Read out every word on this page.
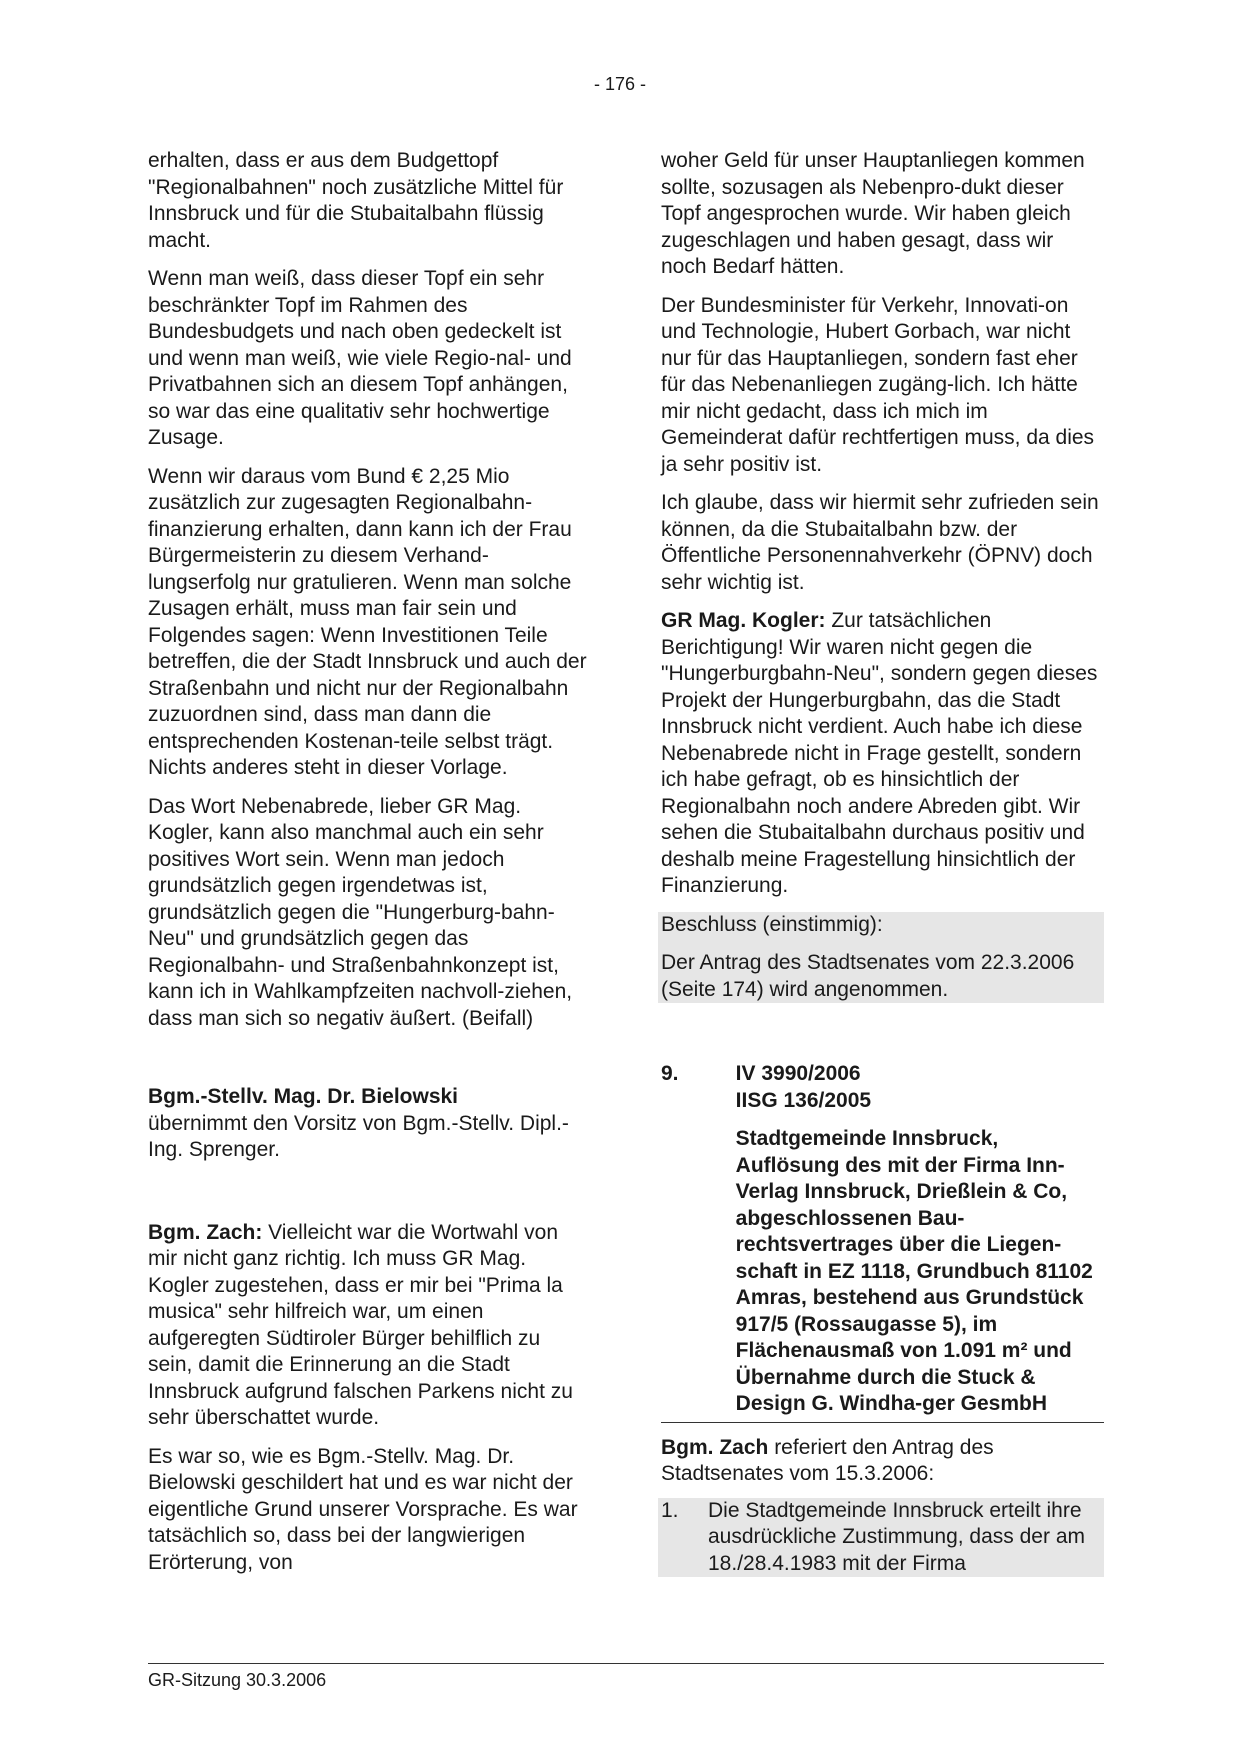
- 176 -

erhalten, dass er aus dem Budgettopf "Regionalbahnen" noch zusätzliche Mittel für Innsbruck und für die Stubaitalbahn flüssig macht.

Wenn man weiß, dass dieser Topf ein sehr beschränkter Topf im Rahmen des Bundesbudgets und nach oben gedeckelt ist und wenn man weiß, wie viele Regio-nal- und Privatbahnen sich an diesem Topf anhängen, so war das eine qualitativ sehr hochwertige Zusage.

Wenn wir daraus vom Bund € 2,25 Mio zusätzlich zur zugesagten Regionalbahn-finanzierung erhalten, dann kann ich der Frau Bürgermeisterin zu diesem Verhand-lungserfolg nur gratulieren. Wenn man solche Zusagen erhält, muss man fair sein und Folgendes sagen: Wenn Investitionen Teile betreffen, die der Stadt Innsbruck und auch der Straßenbahn und nicht nur der Regionalbahn zuzuordnen sind, dass man dann die entsprechenden Kostenan-teile selbst trägt. Nichts anderes steht in dieser Vorlage.

Das Wort Nebenabrede, lieber GR Mag. Kogler, kann also manchmal auch ein sehr positives Wort sein. Wenn man jedoch grundsätzlich gegen irgendetwas ist, grundsätzlich gegen die "Hungerburg-bahn-Neu" und grundsätzlich gegen das Regionalbahn- und Straßenbahnkonzept ist, kann ich in Wahlkampfzeiten nachvoll-ziehen, dass man sich so negativ äußert. (Beifall)

Bgm.-Stellv. Mag. Dr. Bielowski
übernimmt den Vorsitz von Bgm.-Stellv. Dipl.-Ing. Sprenger.

Bgm. Zach: Vielleicht war die Wortwahl von mir nicht ganz richtig. Ich muss GR Mag. Kogler zugestehen, dass er mir bei "Prima la musica" sehr hilfreich war, um einen aufgeregten Südtiroler Bürger behilflich zu sein, damit die Erinnerung an die Stadt Innsbruck aufgrund falschen Parkens nicht zu sehr überschattet wurde.

Es war so, wie es Bgm.-Stellv. Mag. Dr. Bielowski geschildert hat und es war nicht der eigentliche Grund unserer Vorsprache. Es war tatsächlich so, dass bei der langwierigen Erörterung, von

woher Geld für unser Hauptanliegen kommen sollte, sozusagen als Nebenpro-dukt dieser Topf angesprochen wurde. Wir haben gleich zugeschlagen und haben gesagt, dass wir noch Bedarf hätten.

Der Bundesminister für Verkehr, Innovati-on und Technologie, Hubert Gorbach, war nicht nur für das Hauptanliegen, sondern fast eher für das Nebenanliegen zugäng-lich. Ich hätte mir nicht gedacht, dass ich mich im Gemeinderat dafür rechtfertigen muss, da dies ja sehr positiv ist.

Ich glaube, dass wir hiermit sehr zufrieden sein können, da die Stubaitalbahn bzw. der Öffentliche Personennahverkehr (ÖPNV) doch sehr wichtig ist.

GR Mag. Kogler: Zur tatsächlichen Berichtigung! Wir waren nicht gegen die "Hungerburgbahn-Neu", sondern gegen dieses Projekt der Hungerburgbahn, das die Stadt Innsbruck nicht verdient. Auch habe ich diese Nebenabrede nicht in Frage gestellt, sondern ich habe gefragt, ob es hinsichtlich der Regionalbahn noch andere Abreden gibt. Wir sehen die Stubaitalbahn durchaus positiv und deshalb meine Fragestellung hinsichtlich der Finanzierung.

Beschluss (einstimmig):

Der Antrag des Stadtsenates vom 22.3.2006 (Seite 174) wird angenommen.

9.	IV 3990/2006
IISG 136/2005
Stadtgemeinde Innsbruck, Auflösung des mit der Firma Inn-Verlag Innsbruck, Drießlein & Co, abgeschlossenen Bau-rechtsvertrages über die Liegen-schaft in EZ 1118, Grundbuch 81102 Amras, bestehend aus Grundstück 917/5 (Rossaugasse 5), im Flächenausmaß von 1.091 m² und Übernahme durch die Stuck & Design G. Windha-ger GesmbH

Bgm. Zach referiert den Antrag des Stadtsenates vom 15.3.2006:

1.	Die Stadtgemeinde Innsbruck erteilt ihre ausdrückliche Zustimmung, dass der am 18./28.4.1983 mit der Firma
GR-Sitzung 30.3.2006
